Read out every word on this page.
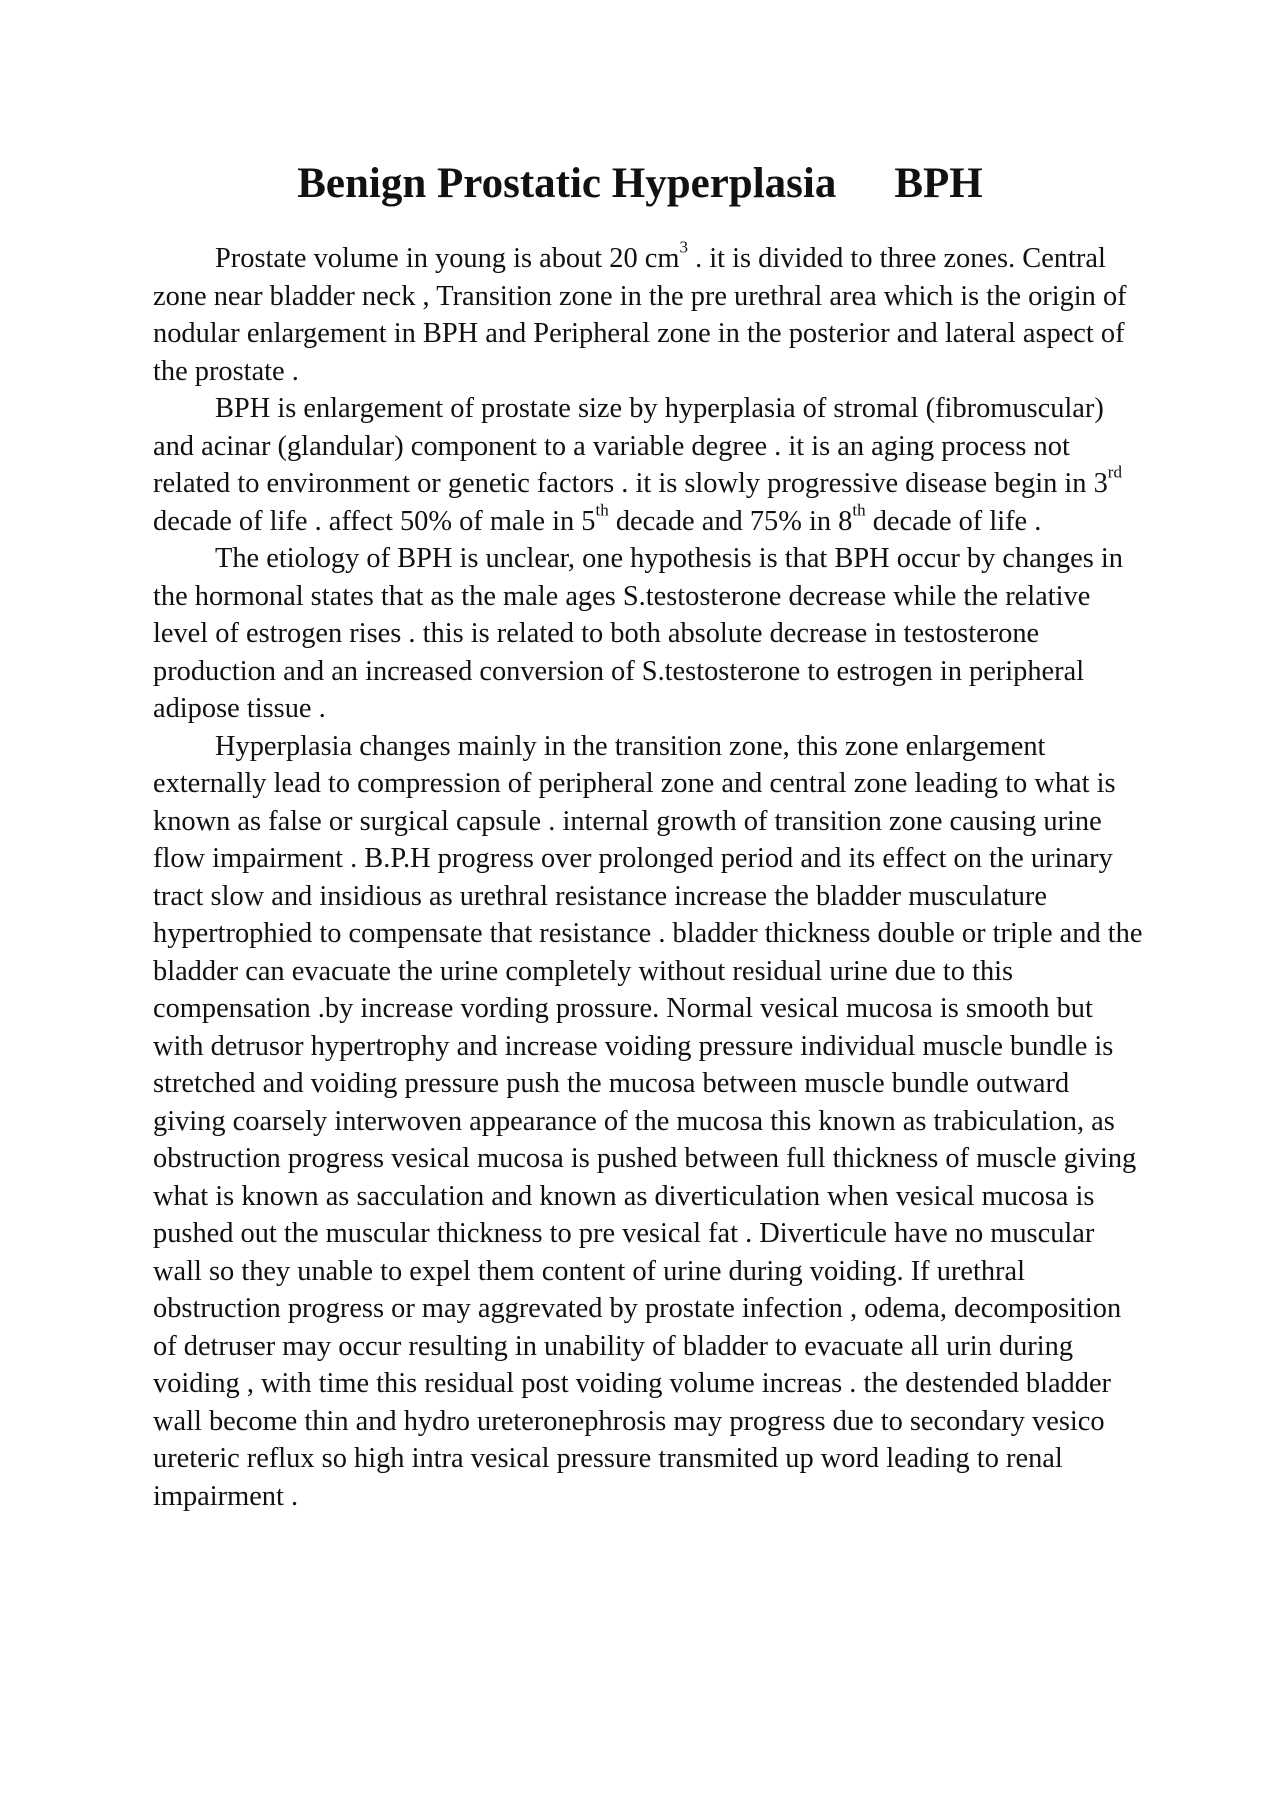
Benign Prostatic Hyperplasia BPH

Prostate volume in young is about 20 $cm^3$ . it is divided to three zones. Central zone near bladder neck , Transition zone in the pre urethral area which is the origin of nodular enlargement in BPH and Peripheral zone in the posterior and lateral aspect of the prostate .

BPH is enlargement of prostate size by hyperplasia of stromal (fibromuscular) and acinar (glandular) component to a variable degree . it is an aging process not related to environment or genetic factors . it is slowly progressive disease begin in 3rd decade of life . affect 50% of male in 5th decade and 75% in 8th decade of life .

The etiology of BPH is unclear, one hypothesis is that BPH occur by changes in the hormonal states that as the male ages S.testosterone decrease while the relative level of estrogen rises . this is related to both absolute decrease in testosterone production and an increased conversion of S.testosterone to estrogen in peripheral adipose tissue .

Hyperplasia changes mainly in the transition zone, this zone enlargement externally lead to compression of peripheral zone and central zone leading to what is known as false or surgical capsule . internal growth of transition zone causing urine flow impairment . B.P.H progress over prolonged period and its effect on the urinary tract slow and insidious as urethral resistance increase the bladder musculature hypertrophied to compensate that resistance . bladder thickness double or triple and the bladder can evacuate the urine completely without residual urine due to this compensation .by increase vording prossure. Normal vesical mucosa is smooth but with detrusor hypertrophy and increase voiding pressure individual muscle bundle is stretched and voiding pressure push the mucosa between muscle bundle outward giving coarsely interwoven appearance of the mucosa this known as trabiculation, as obstruction progress vesical mucosa is pushed between full thickness of muscle giving what is known as sacculation and known as diverticulation when vesical mucosa is pushed out the muscular thickness to pre vesical fat . Diverticule have no muscular wall so they unable to expel them content of urine during voiding. If urethral obstruction progress or may aggrevated by prostate infection , odema, decomposition of detruser may occur resulting in unability of bladder to evacuate all urin during voiding , with time this residual post voiding volume increas . the destended bladder wall become thin and hydro ureteronephrosis may progress due to secondary vesico ureteric reflux so high intra vesical pressure transmited up word leading to renal impairment .
